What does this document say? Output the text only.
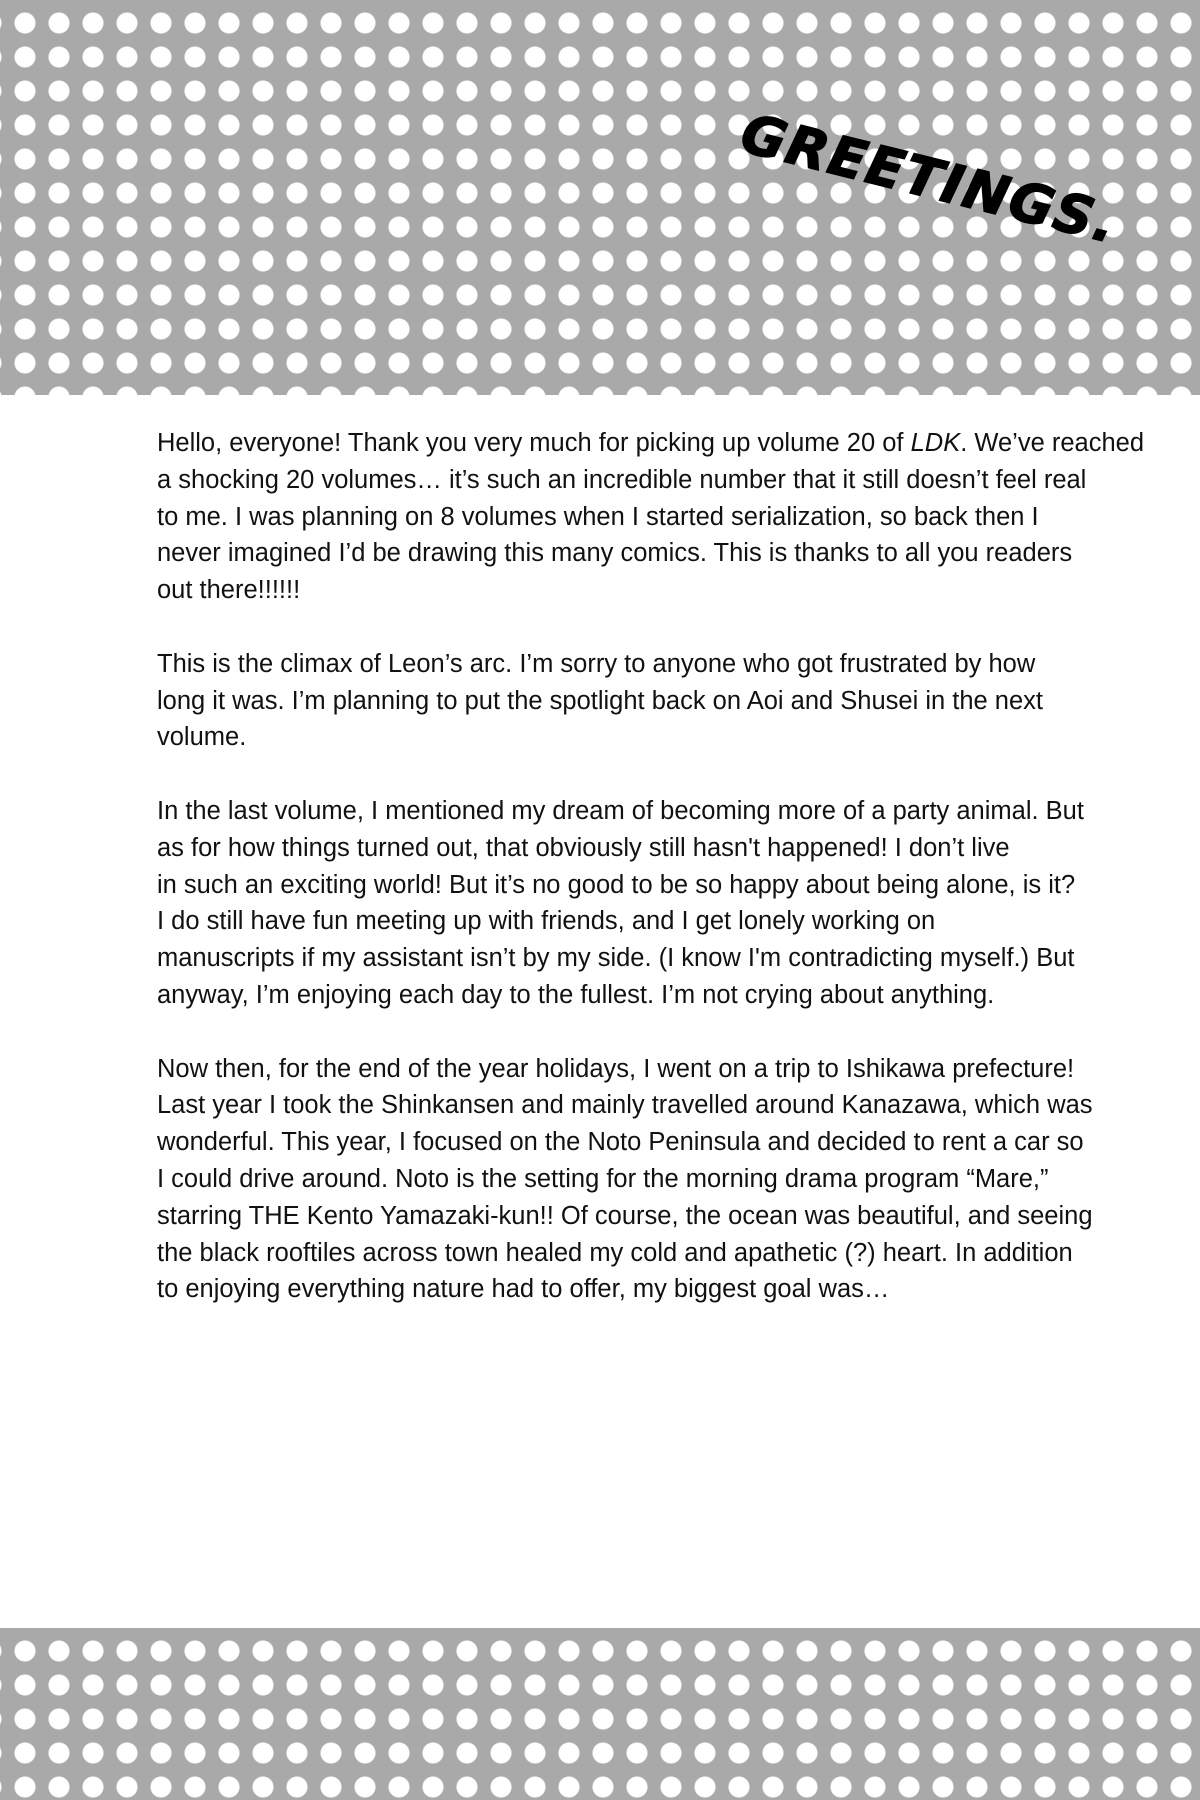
GREETINGS.

Hello, everyone! Thank you very much for picking up volume 20 of LDK. We’ve reached
a shocking 20 volumes… it’s such an incredible number that it still doesn’t feel real
to me. I was planning on 8 volumes when I started serialization, so back then I
never imagined I’d be drawing this many comics. This is thanks to all you readers
out there!!!!!!

This is the climax of Leon’s arc. I’m sorry to anyone who got frustrated by how
long it was. I’m planning to put the spotlight back on Aoi and Shusei in the next
volume.

In the last volume, I mentioned my dream of becoming more of a party animal. But
as for how things turned out, that obviously still hasn't happened! I don’t live
in such an exciting world! But it’s no good to be so happy about being alone, is it?
I do still have fun meeting up with friends, and I get lonely working on
manuscripts if my assistant isn’t by my side. (I know I'm contradicting myself.) But
anyway, I’m enjoying each day to the fullest. I’m not crying about anything.

Now then, for the end of the year holidays, I went on a trip to Ishikawa prefecture!
Last year I took the Shinkansen and mainly travelled around Kanazawa, which was
wonderful. This year, I focused on the Noto Peninsula and decided to rent a car so
I could drive around. Noto is the setting for the morning drama program “Mare,”
starring THE Kento Yamazaki-kun!! Of course, the ocean was beautiful, and seeing
the black rooftiles across town healed my cold and apathetic (?) heart. In addition
to enjoying everything nature had to offer, my biggest goal was…
